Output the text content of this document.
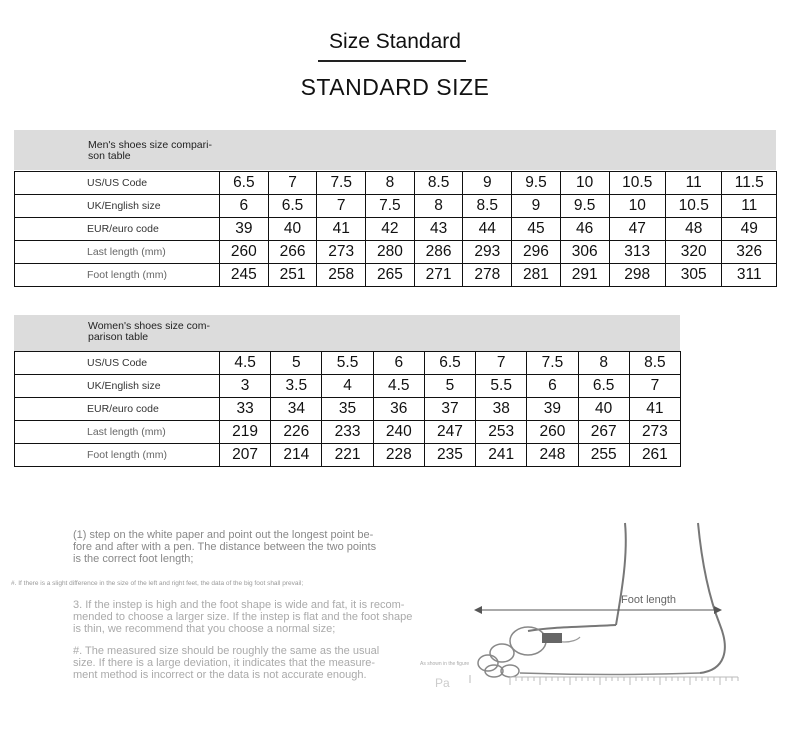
Size Standard
STANDARD SIZE
Men's shoes size compari-
son table
US/US Code	6.5	7	7.5	8	8.5	9	9.5	10	10.5	11	11.5
UK/English size	6	6.5	7	7.5	8	8.5	9	9.5	10	10.5	11
EUR/euro code	39	40	41	42	43	44	45	46	47	48	49
Last length (mm)	260	266	273	280	286	293	296	306	313	320	326
Foot length (mm)	245	251	258	265	271	278	281	291	298	305	311
Women's shoes size com-
parison table
US/US Code	4.5	5	5.5	6	6.5	7	7.5	8	8.5
UK/English size	3	3.5	4	4.5	5	5.5	6	6.5	7
EUR/euro code	33	34	35	36	37	38	39	40	41
Last length (mm)	219	226	233	240	247	253	260	267	273
Foot length (mm)	207	214	221	228	235	241	248	255	261
(1) step on the white paper and point out the longest point be-
fore and after with a pen. The distance between the two points
is the correct foot length;
#. If there is a slight difference in the size of the left and right feet, the data of the big foot shall prevail;
3. If the instep is high and the foot shape is wide and fat, it is recom-
mended to choose a larger size. If the instep is flat and the foot shape
is thin, we recommend that you choose a normal size;
#. The measured size should be roughly the same as the usual
size. If there is a large deviation, it indicates that the measure-
ment method is incorrect or the data is not accurate enough.
Foot length
Pa
As shown in the figure
